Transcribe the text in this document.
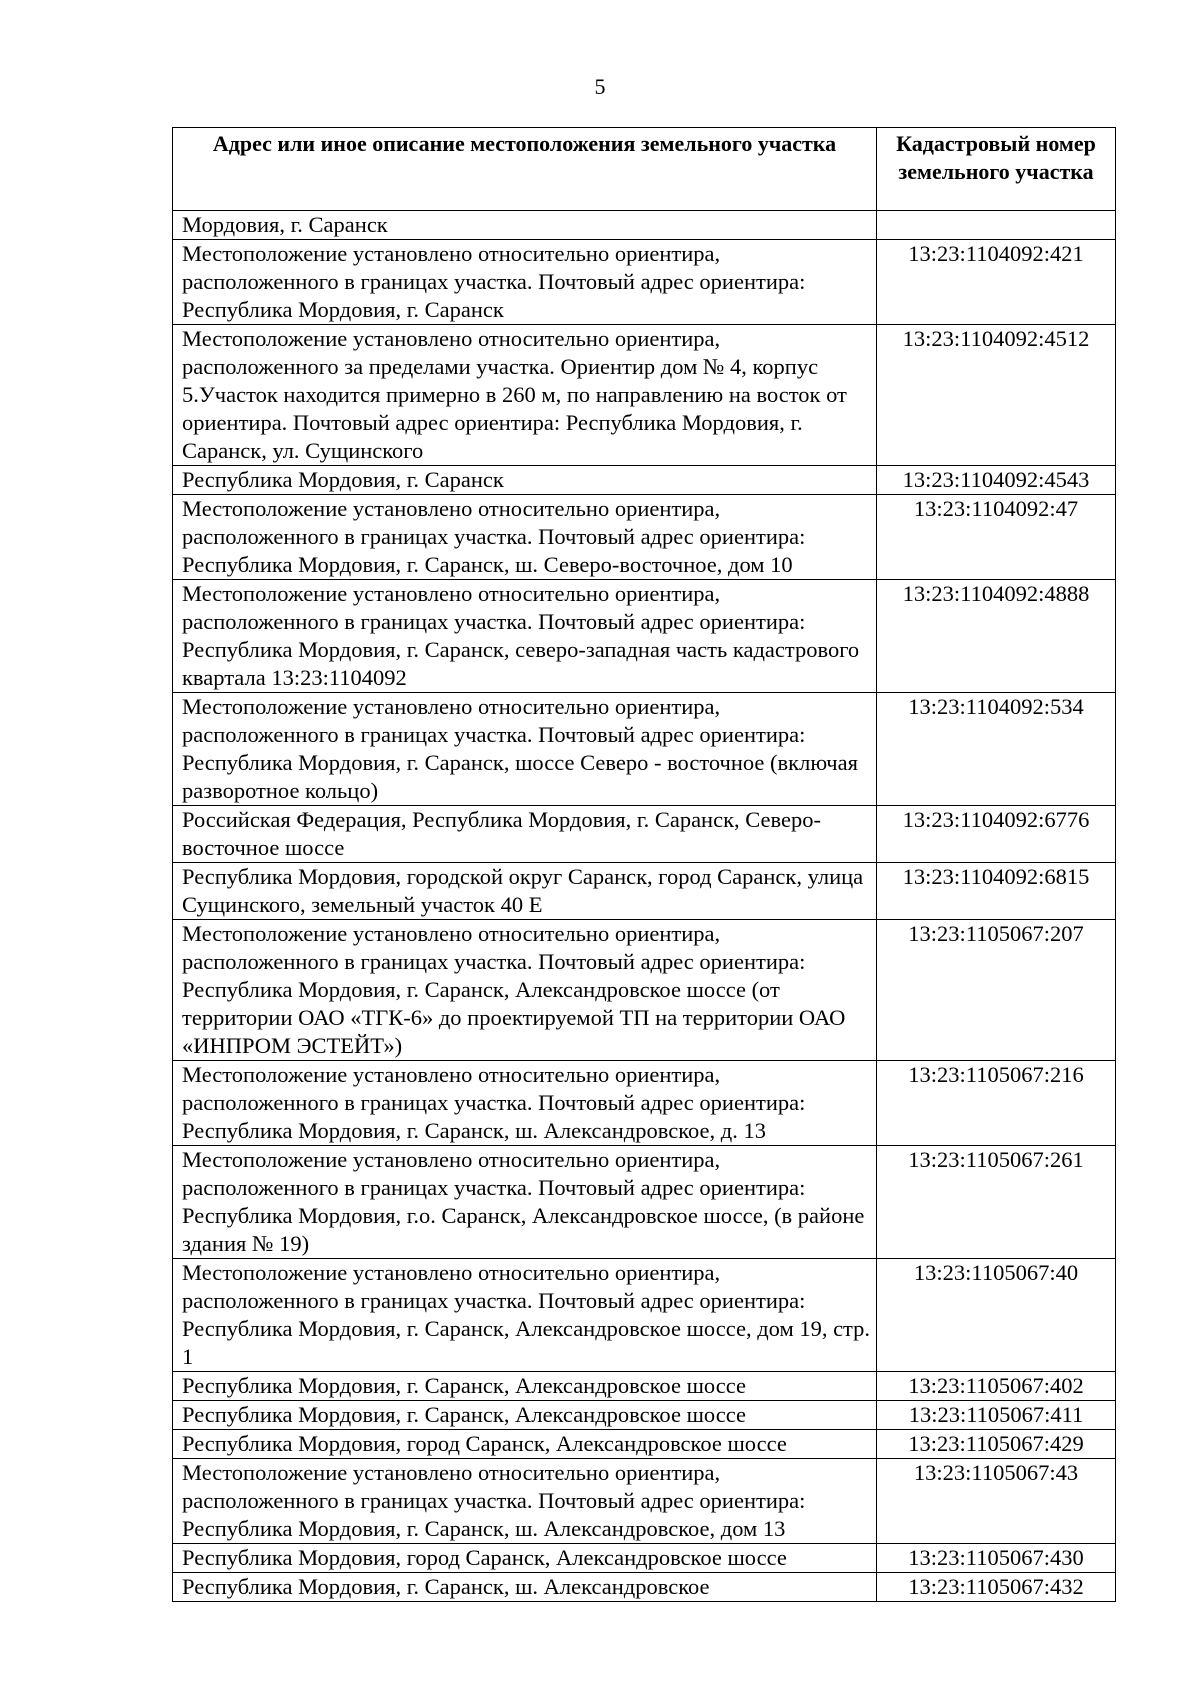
5
Адрес или иное описание местоположения земельного участка	Кадастровый номер земельного участка
Мордовия, г. Саранск	
Местоположение установлено относительно ориентира, расположенного в границах участка. Почтовый адрес ориентира: Республика Мордовия, г. Саранск	13:23:1104092:421
Местоположение установлено относительно ориентира, расположенного за пределами участка. Ориентир дом № 4, корпус 5.Участок находится примерно в 260 м, по направлению на восток от ориентира. Почтовый адрес ориентира: Республика Мордовия, г. Саранск, ул. Сущинского	13:23:1104092:4512
Республика Мордовия, г. Саранск	13:23:1104092:4543
Местоположение установлено относительно ориентира, расположенного в границах участка. Почтовый адрес ориентира: Республика Мордовия, г. Саранск, ш. Северо-восточное, дом 10	13:23:1104092:47
Местоположение установлено относительно ориентира, расположенного в границах участка. Почтовый адрес ориентира: Республика Мордовия, г. Саранск, северо-западная часть кадастрового квартала 13:23:1104092	13:23:1104092:4888
Местоположение установлено относительно ориентира, расположенного в границах участка. Почтовый адрес ориентира: Республика Мордовия, г. Саранск, шоссе Северо - восточное (включая разворотное кольцо)	13:23:1104092:534
Российская Федерация, Республика Мордовия, г. Саранск, Северо-восточное шоссе	13:23:1104092:6776
Республика Мордовия, городской округ Саранск, город Саранск, улица Сущинского, земельный участок 40 Е	13:23:1104092:6815
Местоположение установлено относительно ориентира, расположенного в границах участка. Почтовый адрес ориентира: Республика Мордовия, г. Саранск, Александровское шоссе (от территории ОАО «ТГК-6» до проектируемой ТП на территории ОАО «ИНПРОМ ЭСТЕЙТ»)	13:23:1105067:207
Местоположение установлено относительно ориентира, расположенного в границах участка. Почтовый адрес ориентира: Республика Мордовия, г. Саранск, ш. Александровское, д. 13	13:23:1105067:216
Местоположение установлено относительно ориентира, расположенного в границах участка. Почтовый адрес ориентира: Республика Мордовия, г.о. Саранск, Александровское шоссе, (в районе здания № 19)	13:23:1105067:261
Местоположение установлено относительно ориентира, расположенного в границах участка. Почтовый адрес ориентира: Республика Мордовия, г. Саранск, Александровское шоссе, дом 19, стр. 1	13:23:1105067:40
Республика Мордовия, г. Саранск, Александровское шоссе	13:23:1105067:402
Республика Мордовия, г. Саранск, Александровское шоссе	13:23:1105067:411
Республика Мордовия, город Саранск, Александровское шоссе	13:23:1105067:429
Местоположение установлено относительно ориентира, расположенного в границах участка. Почтовый адрес ориентира: Республика Мордовия, г. Саранск, ш. Александровское, дом 13	13:23:1105067:43
Республика Мордовия, город Саранск, Александровское шоссе	13:23:1105067:430
Республика Мордовия, г. Саранск, ш. Александровское	13:23:1105067:432
